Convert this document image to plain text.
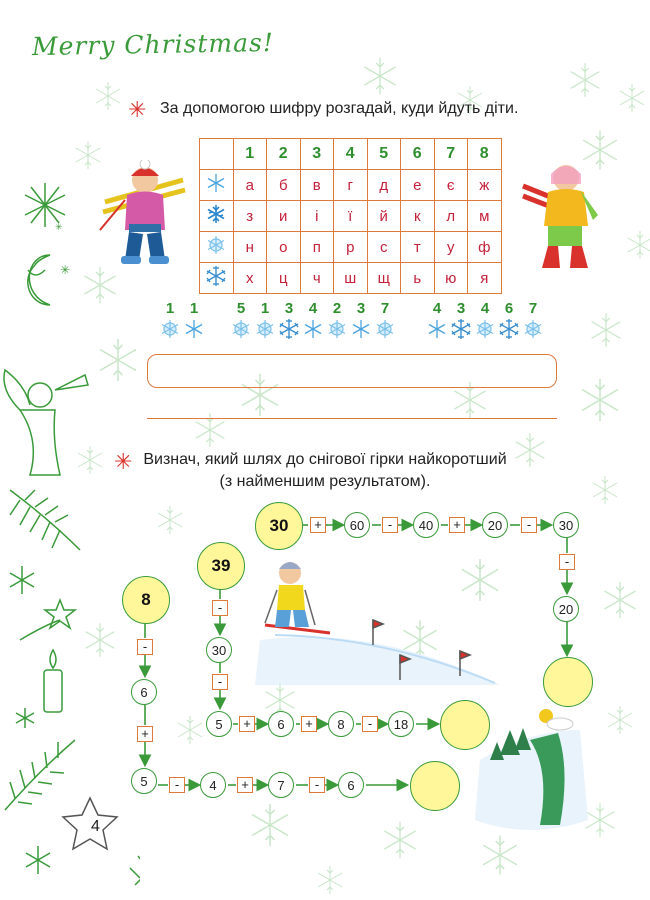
✳
✳
Merry Christmas!
✳ За допомогою шифру розгадай, куди йдуть діти.
	1	2	3	4	5	6	7	8
	а	б	в	г	д	е	є	ж
	з	и	і	ї	й	к	л	м
	н	о	п	р	с	т	у	ф
	х	ц	ч	ш	щ	ь	ю	я
1 1	5 1 3 4 2 3 7	4 3 4 6 7
✳ Визнач, який шлях до снігової гірки найкоротший
(з найменшим результатом).
30	+	60	-	40	+	20	-	30
-
20
39
-
30
-
5	+	6	+	8	-	18
8
-
6
+
5	-	4	+	7	-	6
4
